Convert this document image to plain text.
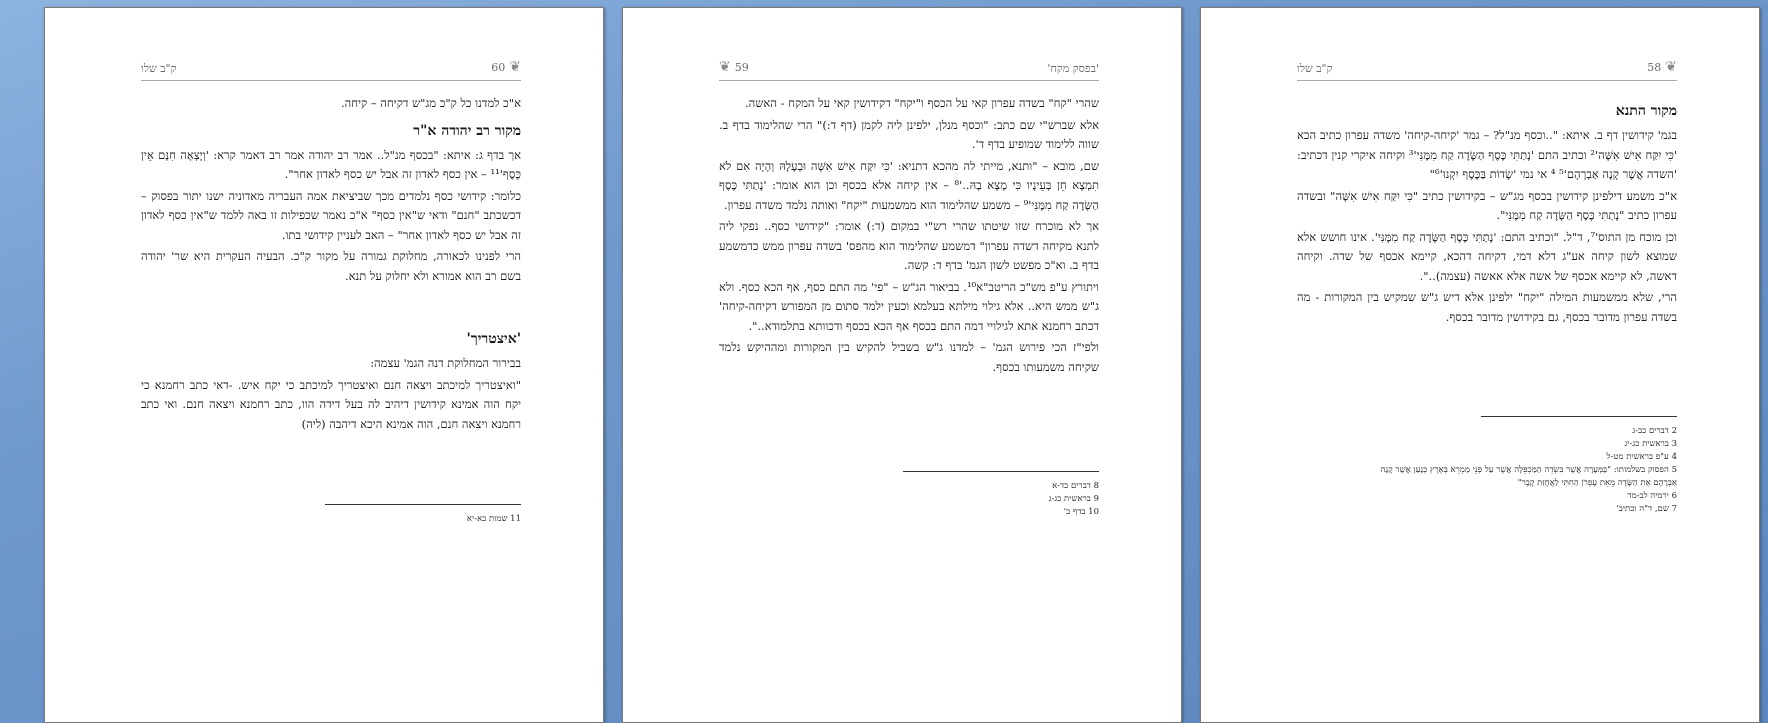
ק"ב שלו	60 ❦

א"כ למדנו כל ק"כ מג"ש דקיחה – קיחה.

מקור רב יהודה א"ר

אך בדף ג: איתא: "בכסף מנ"ל.. אמר רב יהודה אמר רב דאמר קרא: 'וְיָצְאָה חִנָּם אֵין כָּסֶף'¹¹ – אין כסף לאדון זה אבל יש כסף לאדון אחר".

כלומר: קידושי כסף נלמדים מכך שביציאת אמה העבריה מאדוניה ישנו יתור בפסוק – דכשכתב "חנם" ודאי ש"אין כסף" א"כ נאמר שכפילות זו באה ללמד ש"אין כסף לאדון זה אבל יש כסף לאדון אחר" – האב לעניין קידושי בתו.

הרי לפנינו לכאורה, מחלוקת גמורה על מקור ק"כ. הבעיה העקרית היא שר' יהודה בשם רב הוא אמורא ולא יחלוק על תנא.

'איצטריך'

בבירור המחלוקת דנה הגמ' עצמה:

"ואיצטריך למיכתב ויצאה חנם ואיצטריך למיכתב כי יקח איש. -דאי כתב רחמנא כי יקח הוה אמינא קידושין דיהיב לה בעל דידה הוו, כתב רחמנא ויצאה חנם. ואי כתב רחמנא ויצאה חנם, הוה אמינא היכא דיהבה (ליה)

11 שמות כא-יא
❦ 59	'בפסק מקח'

שהרי "קח" בשדה עפרון קאי על הכסף ו"יקח" דקידושין קאי על המקח - האשה.

אלא שברש"י שם כתב: "וכסף מנלן, ילפינן ליה לקמן (דף ד:)" הרי שהלימוד בדף ב. שווה ללימוד שמופיע בדף ד'.

שם, מובא – "ותנא, מייתי לה מהכא דתניא: 'כִּי יִקַּח אִישׁ אִשָּׁה וּבְעָלָהּ וְהָיָה אִם לֹא תִמְצָא חֵן בְּעֵינָיו כִּי מָצָא בָהּ..'⁸ – אין קיחה אלא בכסף וכן הוא אומר: 'נָתַתִּי כֶּסֶף הַשָּׂדֶה קַח מִמֶּנִּי'⁹ – משמע שהלימוד הוא ממשמעות "יקח" ואותה נלמד משדה עפרון.

אך לא מוכרח שזו שיטתו שהרי רש"י במקום (ד:) אומר: "קידושי כסף.. נפקי ליה לתנא מקיחה דשדה עפרון" דמשמע שהלימוד הוא מהפס' בשדה עפרון ממש כדמשמע בדף ב. וא"כ מפשט לשון הגמ' בדף ד: קשה.

ויתורץ ע"פ מש"כ הריטב"א¹⁰. בביאור הג"ש – "פי' מה התם כסף, אף הכא כסף. ולא ג"ש ממש היא.. אלא גילוי מילתא בעלמא וכעין ילמד סתום מן המפורש דקיחה-קיחה' דכתב רחמנא אתא לגילויי דמה התם בכסף אף הכא בכסף ודכוותא בתלמודא..".

ולפי"ז הכי פירוש הגמ' – למדנו ג"ש בשביל להקיש בין המקורות ומההיקש נלמד שקיחה משמעותו בכסף.

8 דברים כד-א
9 בראשית כג-ג
10 בדף ב'
ק"ב שלו	58 ❦
מקור התנא

בגמ' קידושין דף ב. איתא: "..וכסף מנ"ל? – גמר 'קיחה-קיחה' משדה עפרון כתיב הכא 'כִּי יִקַּח אִישׁ אִשָּׁה'² וכתיב התם 'נָתַתִּי כֶּסֶף הַשָּׂדֶה קַח מִמֶּנִּי'³ וקיחה איקרי קנין דכתיב: 'השדה אֲשֶׁר קָנָה אַבְרָהָם'⁵ ⁴ אי נמי 'שָׂדוֹת בַּכֶּסֶף יִקְנוּ'⁶"

א"כ משמע דילפינן קידושין בכסף מג"ש – בקידושין כתיב "כִּי יִקַּח אִישׁ אִשָּׁה" ובשדה עפרון כתיב "נָתַתִּי כֶּסֶף הַשָּׂדֶה קַח מִמֶּנִּי".

וכן מוכח מן התוס'⁷, ד"ל. "וכתיב התם: 'נָתַתִּי כֶּסֶף הַשָּׂדֶה קַח מִמֶּנִּי'. אינו חושש אלא שמוצא לשון קיחה אע"ג דלא דמי, דקיחה דהכא, קיימא אכסף של שדה. וקיחה דאשה, לא קיימא אכסף של אשה אלא אאשה (עצמה)..".

הרי, שלא ממשמעות המילה "יקח" ילפינן אלא דיש ג"ש שמקיש בין המקורות - מה בשדה עפרון מדובר בכסף, גם בקידושין מדובר בכסף.

2 דברים כב-ג
3 בראשית כג-יג
4 ע"פ בראשית מט-ל
5 הפסוק בשלמותו: "בַּמְּעָרָה אֲשֶׁר בִּשְׂדֵה הַמַּכְפֵּלָה אֲשֶׁר עַל פְּנֵי מַמְרֵא בְּאֶרֶץ כְּנָעַן אֲשֶׁר קָנָה
אַבְרָהָם אֶת הַשָּׂדֶה מֵאֵת עֶפְרֹן הַחִתִּי לַאֲחֻזַּת קָבֶר"
6 ירמיה לב-מד
7 שם, ד"ה וכתיב'
